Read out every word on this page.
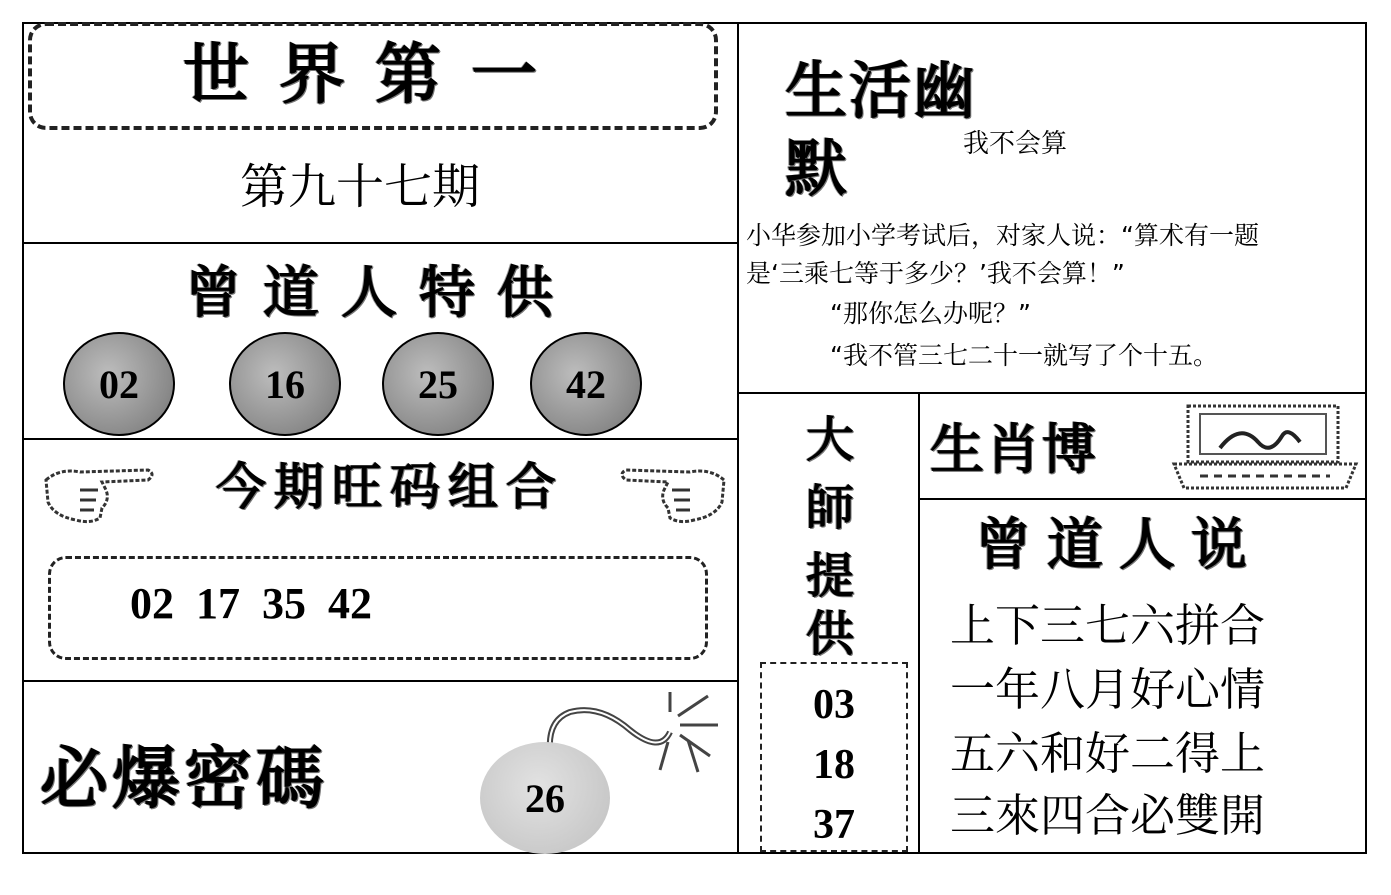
世界第一
第九十七期
曾道人特供
02	16	25	42
今期旺码组合
02  17  35  42
必爆密碼	26
生活幽默	我不会算
小华参加小学考试后，对家人说：“算术有一题
是‘三乘七等于多少？’我不会算！”
“那你怎么办呢？”
“我不管三七二十一就写了个十五。
大
師
提
供
03
18
37
生肖博
曾道人说
上下三七六拼合
一年八月好心情
五六和好二得上
三來四合必雙開
